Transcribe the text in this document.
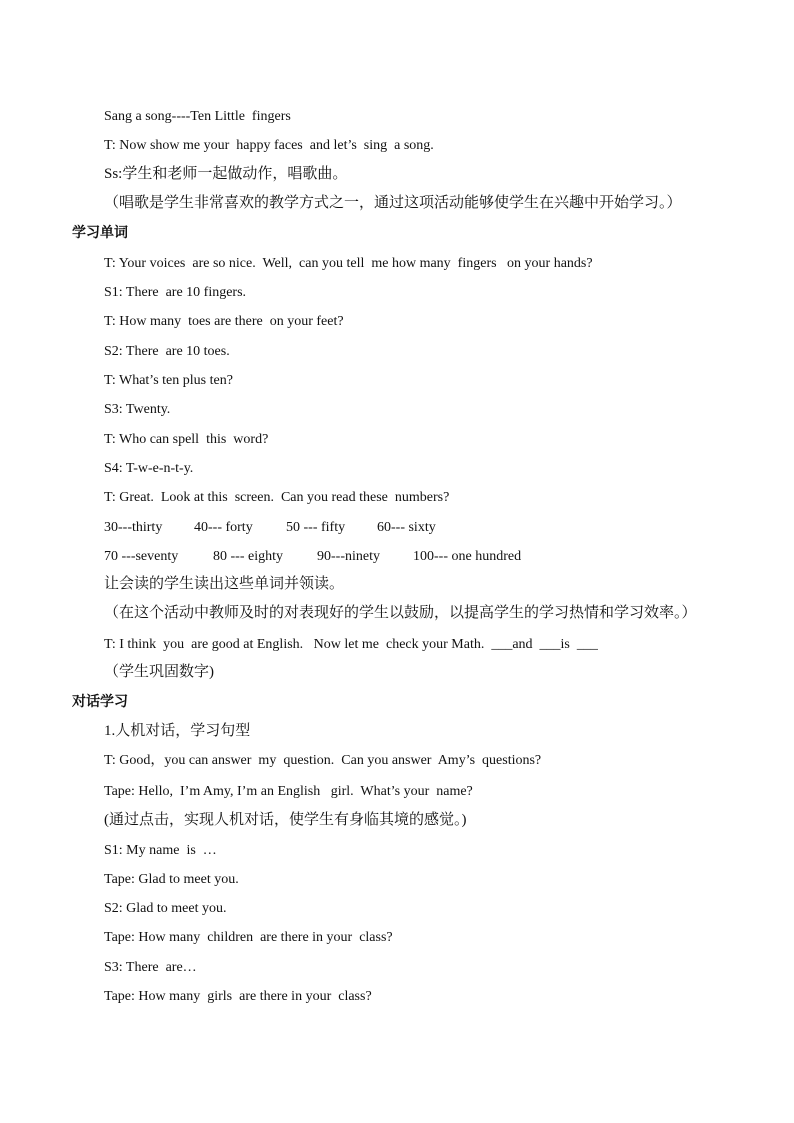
Sang a song----Ten Little  fingers
T: Now show me your  happy faces  and let’s  sing  a song.
Ss:学生和老师一起做动作，唱歌曲。
（唱歌是学生非常喜欢的教学方式之一，通过这项活动能够使学生在兴趣中开始学习。）
学习单词
T: Your voices  are so nice.  Well,  can you tell  me how many  fingers   on your hands?
S1: There  are 10 fingers.
T: How many  toes are there  on your feet?
S2: There  are 10 toes.
T: What’s ten plus ten?
S3: Twenty.
T: Who can spell  this  word?
S4: T-w-e-n-t-y.
T: Great.  Look at this  screen.  Can you read these  numbers?
30---thirty 40--- forty 50 --- fifty 60--- sixty
70 ---seventy 80 --- eighty 90---ninety 100--- one hundred
让会读的学生读出这些单词并领读。
（在这个活动中教师及时的对表现好的学生以鼓励，以提高学生的学习热情和学习效率。）
T: I think  you  are good at English.   Now let me  check your Math.  ___and  ___is  ___
（学生巩固数字)
对话学习
1.人机对话，学习句型
T: Good，you can answer  my  question.  Can you answer  Amy’s  questions?
Tape: Hello,  I’m Amy, I’m an English   girl.  What’s your  name?
(通过点击，实现人机对话，使学生有身临其境的感觉。)
S1: My name  is  …
Tape: Glad to meet you.
S2: Glad to meet you.
Tape: How many  children  are there in your  class?
S3: There  are…
Tape: How many  girls  are there in your  class?
